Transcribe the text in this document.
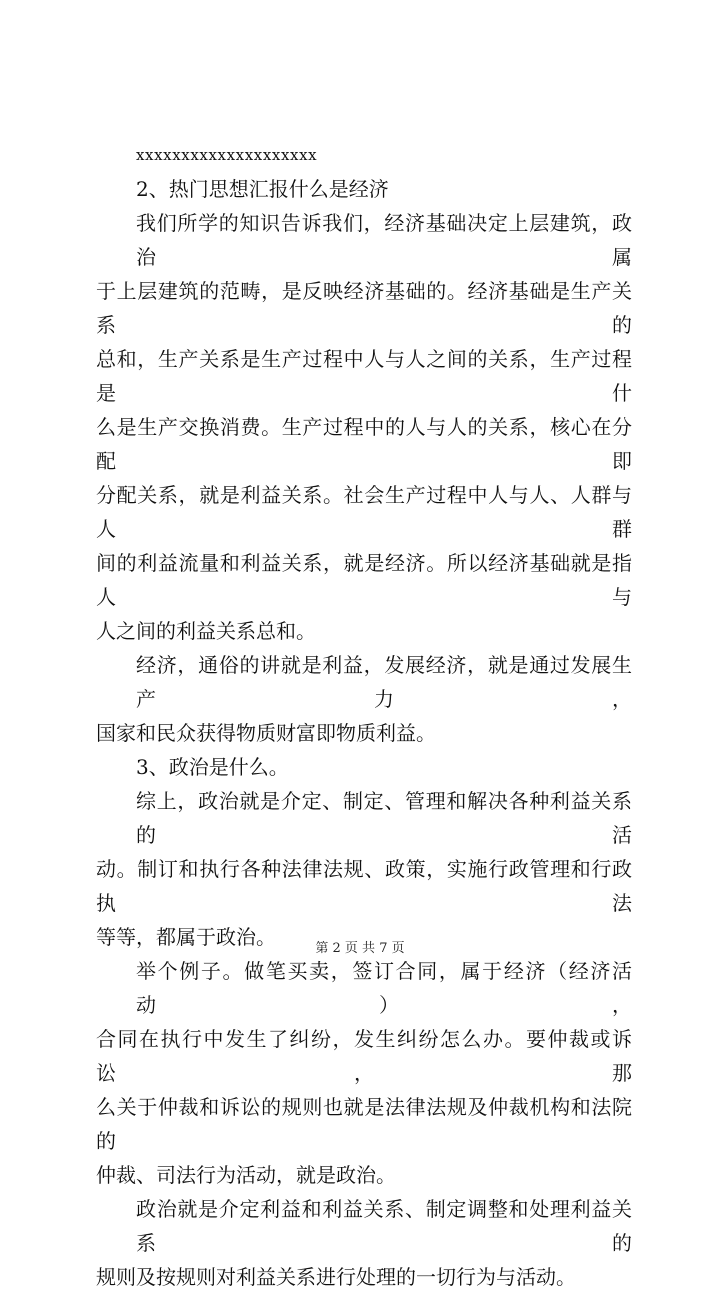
xxxxxxxxxxxxxxxxxxxx

2、热门思想汇报什么是经济

我们所学的知识告诉我们，经济基础决定上层建筑，政治属

于上层建筑的范畴，是反映经济基础的。经济基础是生产关系的

总和，生产关系是生产过程中人与人之间的关系，生产过程是什

么是生产交换消费。生产过程中的人与人的关系，核心在分配即

分配关系，就是利益关系。社会生产过程中人与人、人群与人群

间的利益流量和利益关系，就是经济。所以经济基础就是指人与

人之间的利益关系总和。

经济，通俗的讲就是利益，发展经济，就是通过发展生产力，

国家和民众获得物质财富即物质利益。

3、政治是什么。

综上，政治就是介定、制定、管理和解决各种利益关系的活

动。制订和执行各种法律法规、政策，实施行政管理和行政执法

等等，都属于政治。

举个例子。做笔买卖，签订合同，属于经济（经济活动），

合同在执行中发生了纠纷，发生纠纷怎么办。要仲裁或诉讼，那

么关于仲裁和诉讼的规则也就是法律法规及仲裁机构和法院的

仲裁、司法行为活动，就是政治。

政治就是介定利益和利益关系、制定调整和处理利益关系的

规则及按规则对利益关系进行处理的一切行为与活动。

第 2 页 共 7 页
